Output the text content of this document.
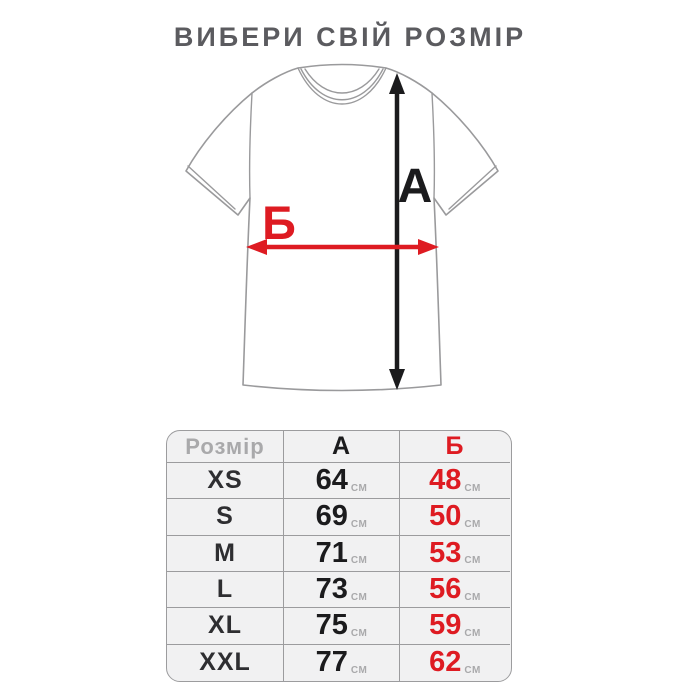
ВИБЕРИ СВІЙ РОЗМІР
А
Б
Розмір	А	Б
XS	64 СМ 48 СМ
S	69 СМ 50 СМ
M	71 СМ 53 СМ
L	73 СМ 56 СМ
XL	75 СМ 59 СМ
XXL 77 СМ 62 СМ
